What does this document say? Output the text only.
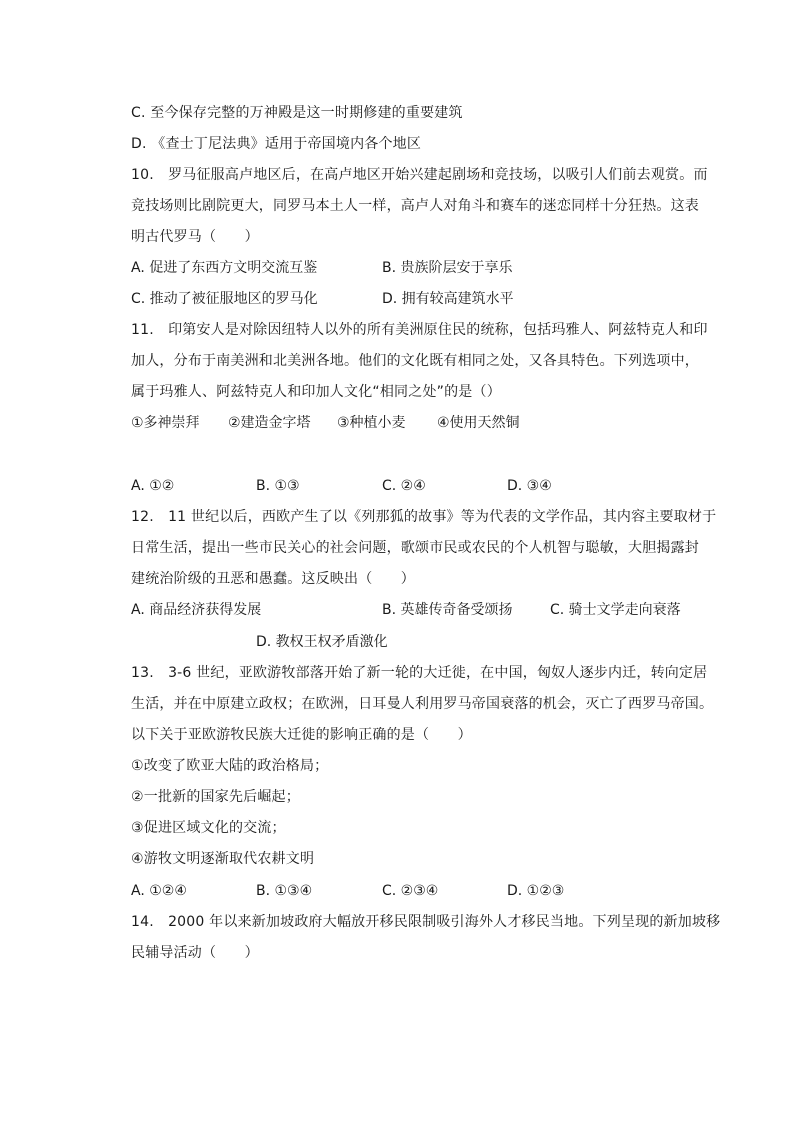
C. 至今保存完整的万神殿是这一时期修建的重要建筑
D. 《查士丁尼法典》适用于帝国境内各个地区
10.　罗马征服高卢地区后，在高卢地区开始兴建起剧场和竞技场，以吸引人们前去观赏。而
竞技场则比剧院更大，同罗马本土人一样，高卢人对角斗和赛车的迷恋同样十分狂热。这表
明古代罗马（　　）
A. 促进了东西方文明交流互鉴	B. 贵族阶层安于享乐
C. 推动了被征服地区的罗马化	D. 拥有较高建筑水平
11.　印第安人是对除因纽特人以外的所有美洲原住民的统称，包括玛雅人、阿兹特克人和印
加人，分布于南美洲和北美洲各地。他们的文化既有相同之处，又各具特色。下列选项中，
属于玛雅人、阿兹特克人和印加人文化“相同之处”的是（）
①多神崇拜 ②建造金字塔 ③种植小麦 ④使用天然铜
A. ①②	B. ①③	C. ②④	D. ③④
12.　11 世纪以后，西欧产生了以《列那狐的故事》等为代表的文学作品，其内容主要取材于
日常生活，提出一些市民关心的社会问题，歌颂市民或农民的个人机智与聪敏，大胆揭露封
建统治阶级的丑恶和愚蠢。这反映出（　　）
A. 商品经济获得发展	B. 英雄传奇备受颂扬	C. 骑士文学走向衰落
D. 教权王权矛盾激化
13.　3-6 世纪，亚欧游牧部落开始了新一轮的大迁徙，在中国，匈奴人逐步内迁，转向定居
生活，并在中原建立政权；在欧洲，日耳曼人利用罗马帝国衰落的机会，灭亡了西罗马帝国。
以下关于亚欧游牧民族大迁徙的影响正确的是（　　）
①改变了欧亚大陆的政治格局；
②一批新的国家先后崛起；
③促进区域文化的交流；
④游牧文明逐渐取代农耕文明
A. ①②④	B. ①③④	C. ②③④	D. ①②③
14.　2000 年以来新加坡政府大幅放开移民限制吸引海外人才移民当地。下列呈现的新加坡移
民辅导活动（　　）
